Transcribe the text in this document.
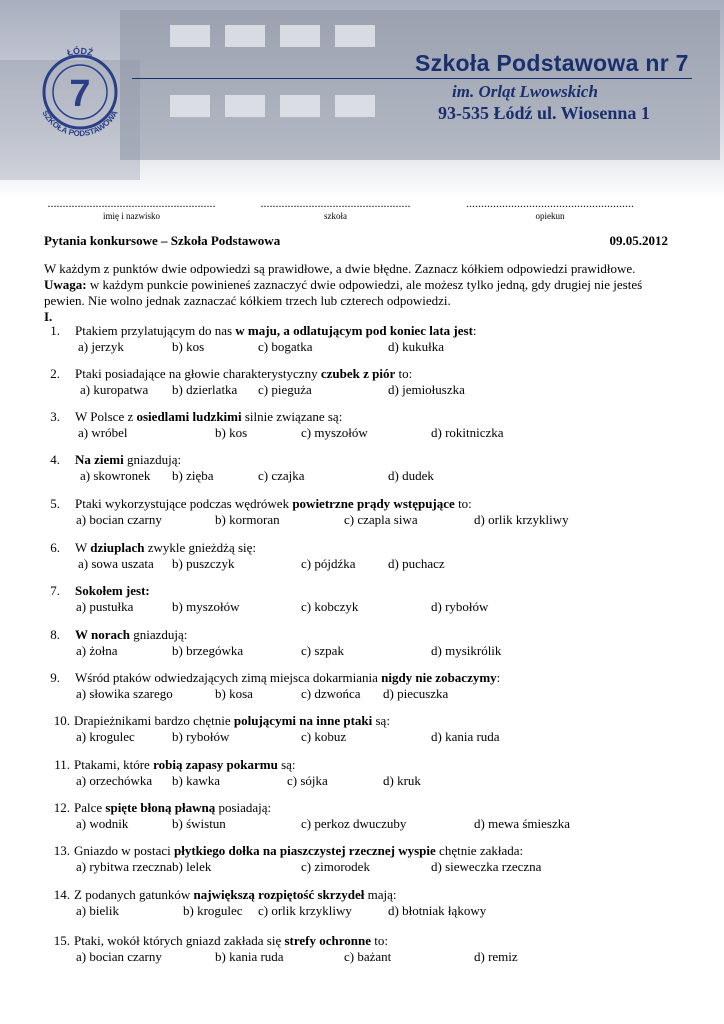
ŁÓDŹ
SZKOŁA PODSTAWOWA
7
Szkoła Podstawowa nr 7
im. Orląt Lwowskich
93-535 Łódź ul. Wiosenna 1
........................................................
imię i nazwisko
..................................................
szkoła
........................................................
opiekun
Pytania konkursowe – Szkoła Podstawowa	09.05.2012
W każdym z punktów dwie odpowiedzi są prawidłowe, a dwie błędne. Zaznacz kółkiem odpowiedzi prawidłowe.
Uwaga: w każdym punkcie powinieneś zaznaczyć dwie odpowiedzi, ale możesz tylko jedną, gdy drugiej nie jesteś pewien. Nie wolno jednak zaznaczać kółkiem trzech lub czterech odpowiedzi.
I.
1. Ptakiem przylatującym do nas w maju, a odlatującym pod koniec lata jest:
a) jerzyk	b) kos	c) bogatka	d) kukułka
2. Ptaki posiadające na głowie charakterystyczny czubek z piór to:
a) kuropatwa b) dzierlatka c) pieguża	d) jemiołuszka
3. W Polsce z osiedlami ludzkimi silnie związane są:
a) wróbel	b) kos	c) myszołów	d) rokitniczka
4. Na ziemi gniazdują:
a) skowronek b) zięba	c) czajka	d) dudek
5. Ptaki wykorzystujące podczas wędrówek powietrzne prądy wstępujące to:
a) bocian czarny	b) kormoran	c) czapla siwa	d) orlik krzykliwy
6. W dziuplach zwykle gnieżdżą się:
a) sowa uszata b) puszczyk	c) pójdźka d) puchacz
7. Sokołem jest:
a) pustułka	b) myszołów	c) kobczyk	d) rybołów
8. W norach gniazdują:
a) żołna	b) brzegówka	c) szpak	d) mysikrólik
9. Wśród ptaków odwiedzających zimą miejsca dokarmiania nigdy nie zobaczymy:
a) słowika szarego	b) kosa	c) dzwońca d) piecuszka
10. Drapieżnikami bardzo chętnie polującymi na inne ptaki są:
a) krogulec	b) rybołów	c) kobuz	d) kania ruda
11. Ptakami, które robią zapasy pokarmu są:
a) orzechówka b) kawka	c) sójka	d) kruk
12. Palce spięte błoną pławną posiadają:
a) wodnik	b) świstun	c) perkoz dwuczuby	d) mewa śmieszka
13. Gniazdo w postaci płytkiego dołka na piaszczystej rzecznej wyspie chętnie zakłada:
a) rybitwa rzeczna b) lelek	c) zimorodek	d) sieweczka rzeczna
14. Z podanych gatunków największą rozpiętość skrzydeł mają:
a) bielik	b) krogulec c) orlik krzykliwy	d) błotniak łąkowy
15. Ptaki, wokół których gniazd zakłada się strefy ochronne to:
a) bocian czarny	b) kania ruda	c) bażant	d) remiz
